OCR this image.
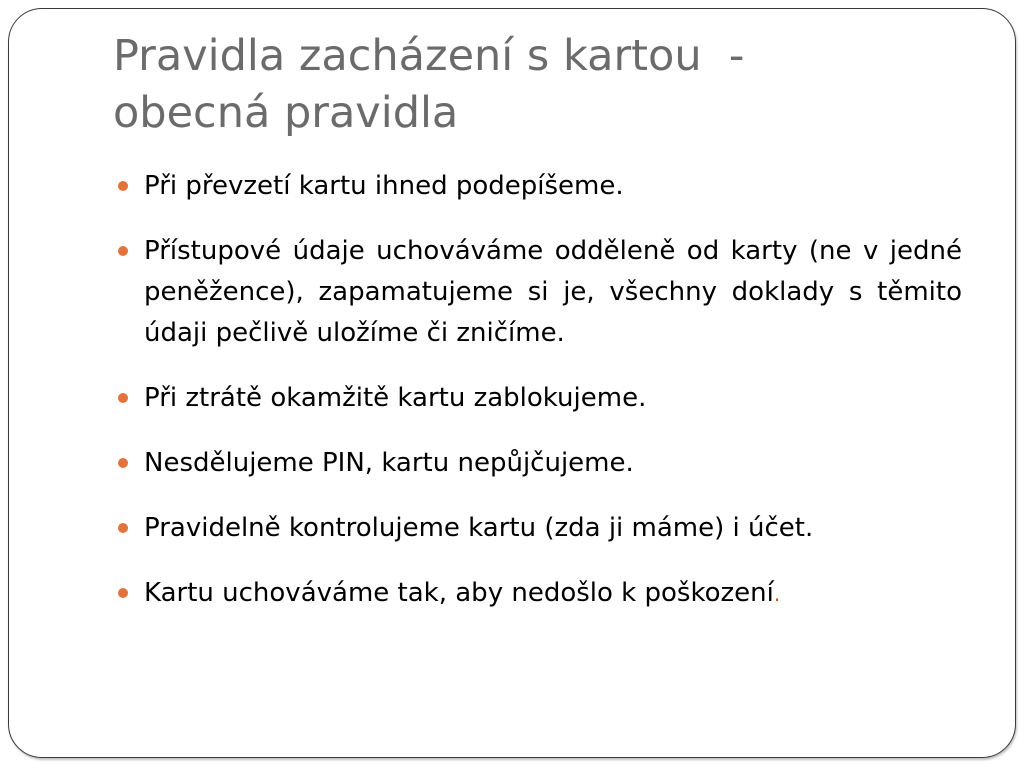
Pravidla zacházení s kartou  -
obecná pravidla
Při převzetí kartu ihned podepíšeme.
Přístupové údaje uchováváme odděleně od karty (ne v jedné peněžence), zapamatujeme si je, všechny doklady s těmito údaji pečlivě uložíme či zničíme.
Při ztrátě okamžitě kartu zablokujeme.
Nesdělujeme PIN, kartu nepůjčujeme.
Pravidelně kontrolujeme kartu (zda ji máme) i účet.
Kartu uchováváme tak, aby nedošlo k poškození.
